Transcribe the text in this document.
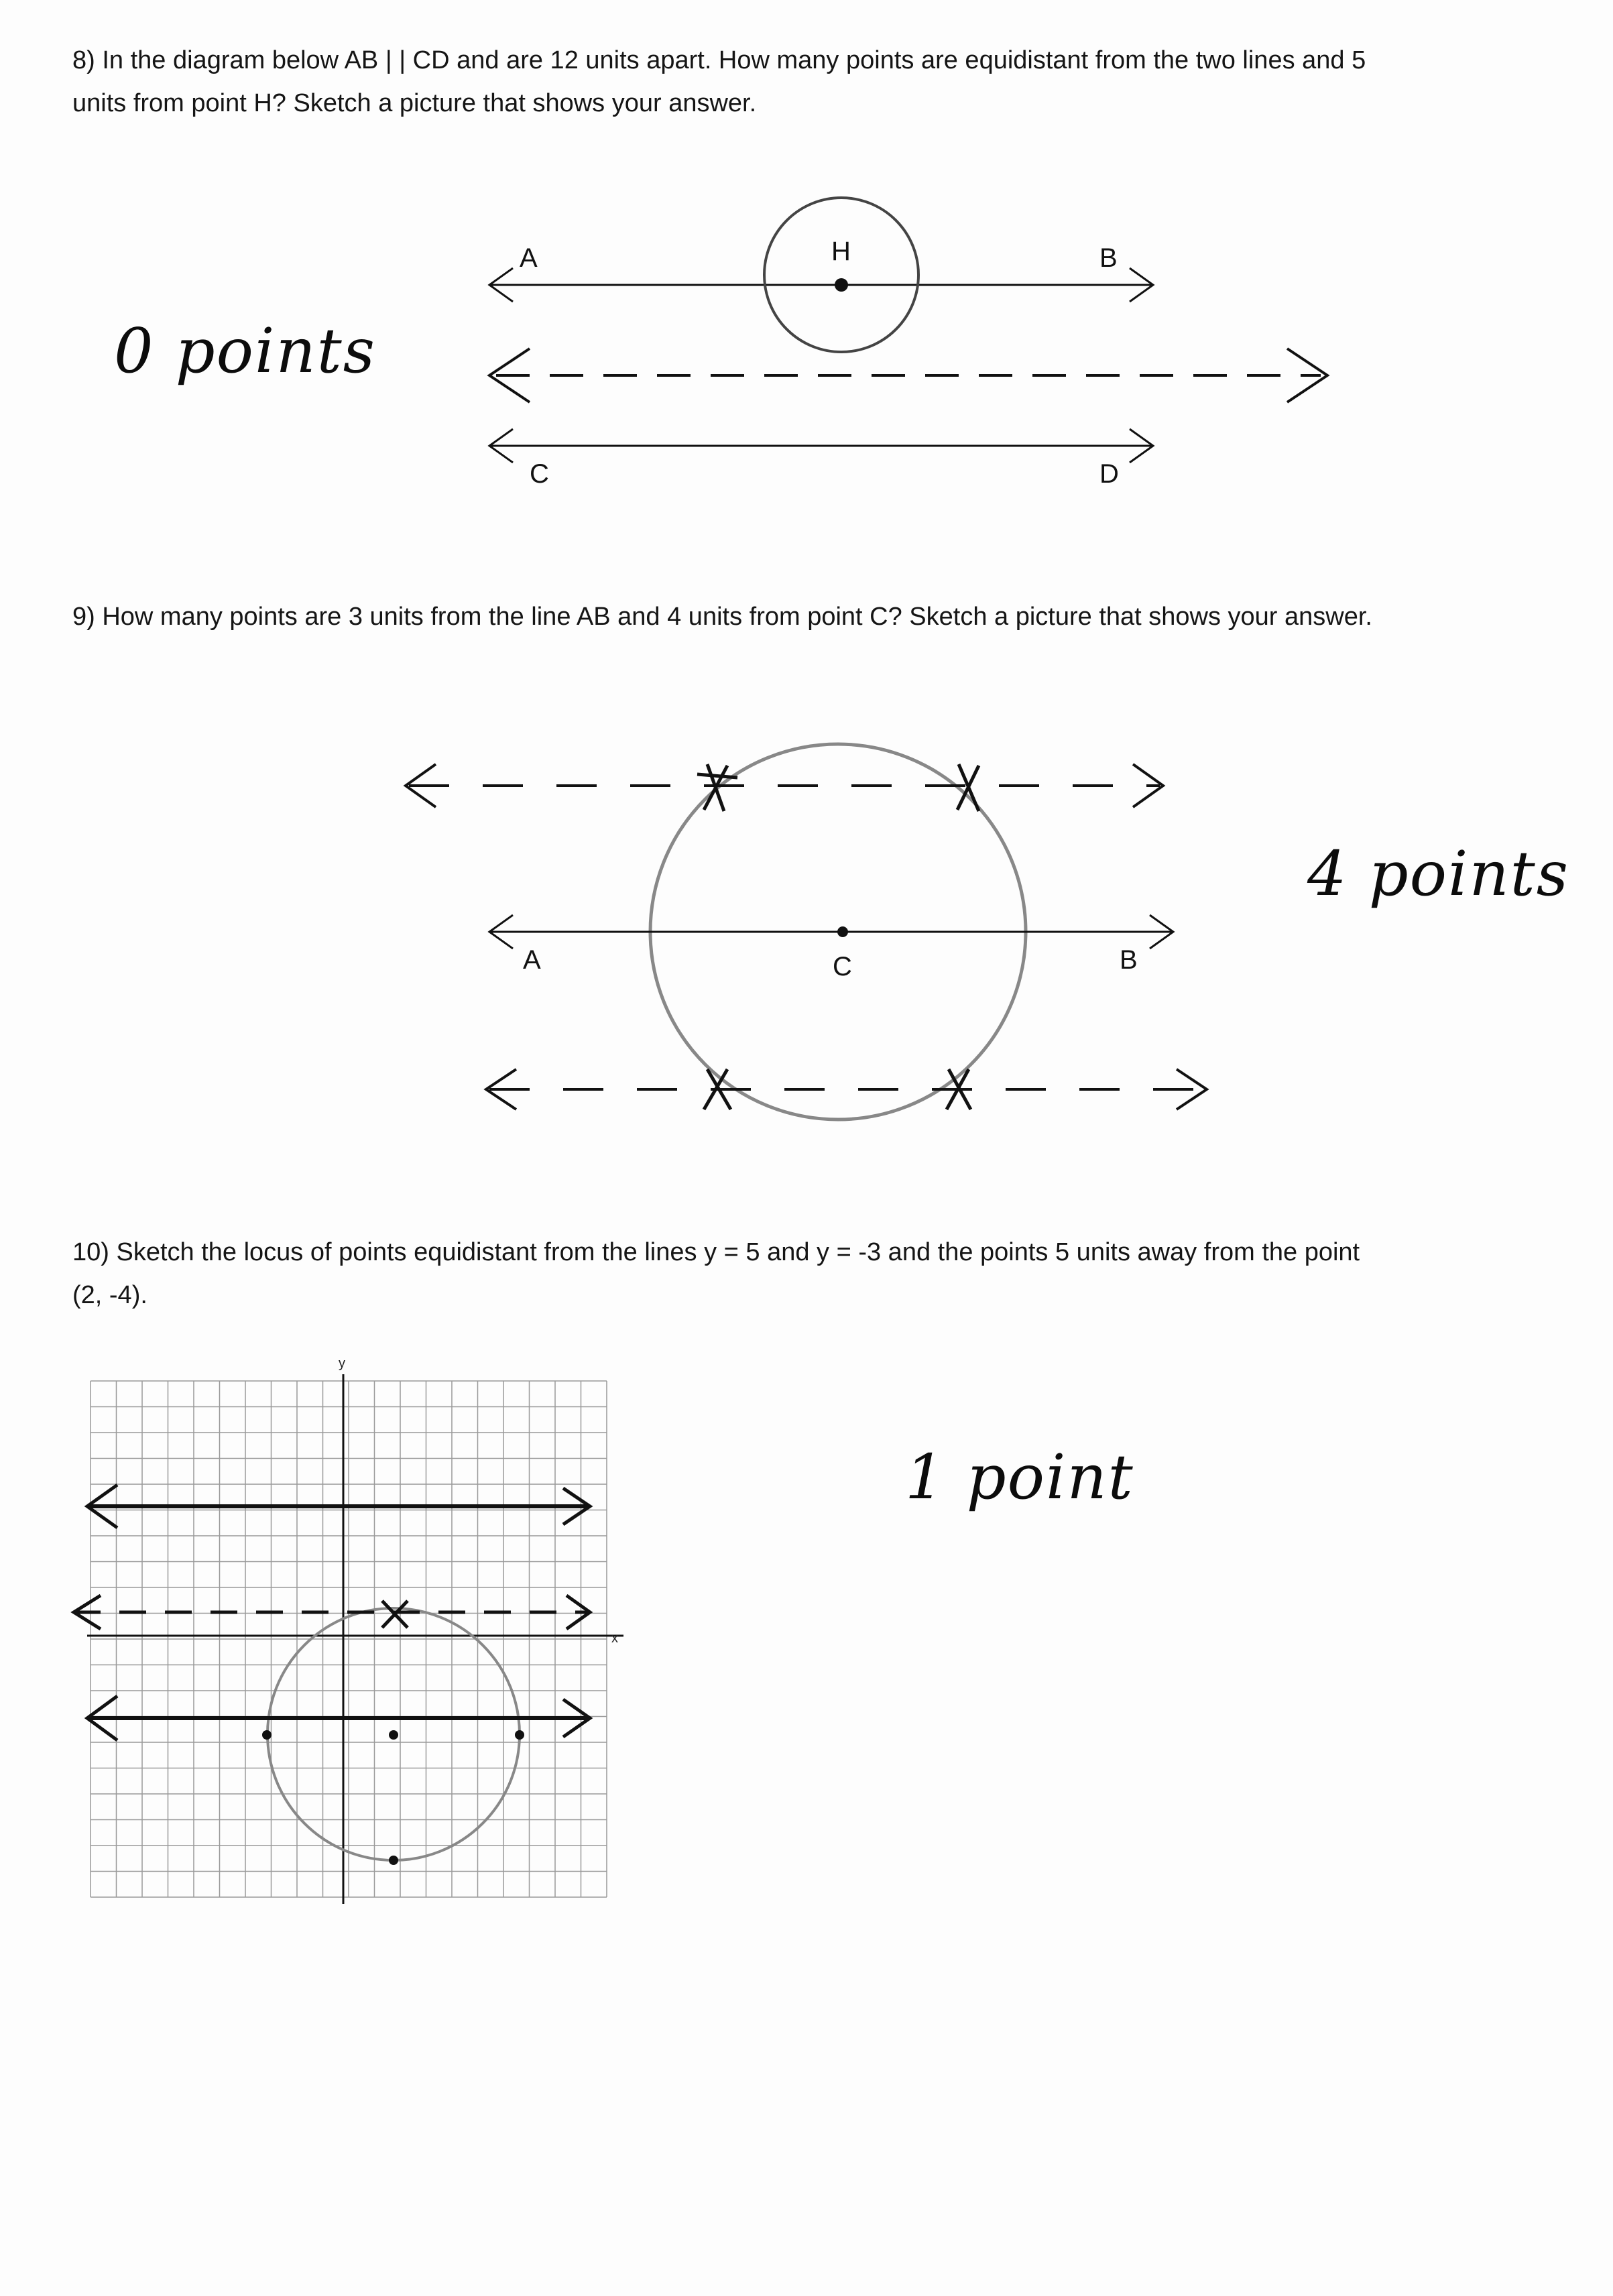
8) In the diagram below AB | | CD and are 12 units apart. How many points are equidistant from the two lines and 5
units from point H? Sketch a picture that shows your answer.

0 points
A	H	B
C	D

9) How many points are 3 units from the line AB and 4 units from point C? Sketch a picture that shows your answer.

4 points
A	C	B

10) Sketch the locus of points equidistant from the lines y = 5 and y = -3 and the points 5 units away from the point
(2, -4).

1 point
x
y
